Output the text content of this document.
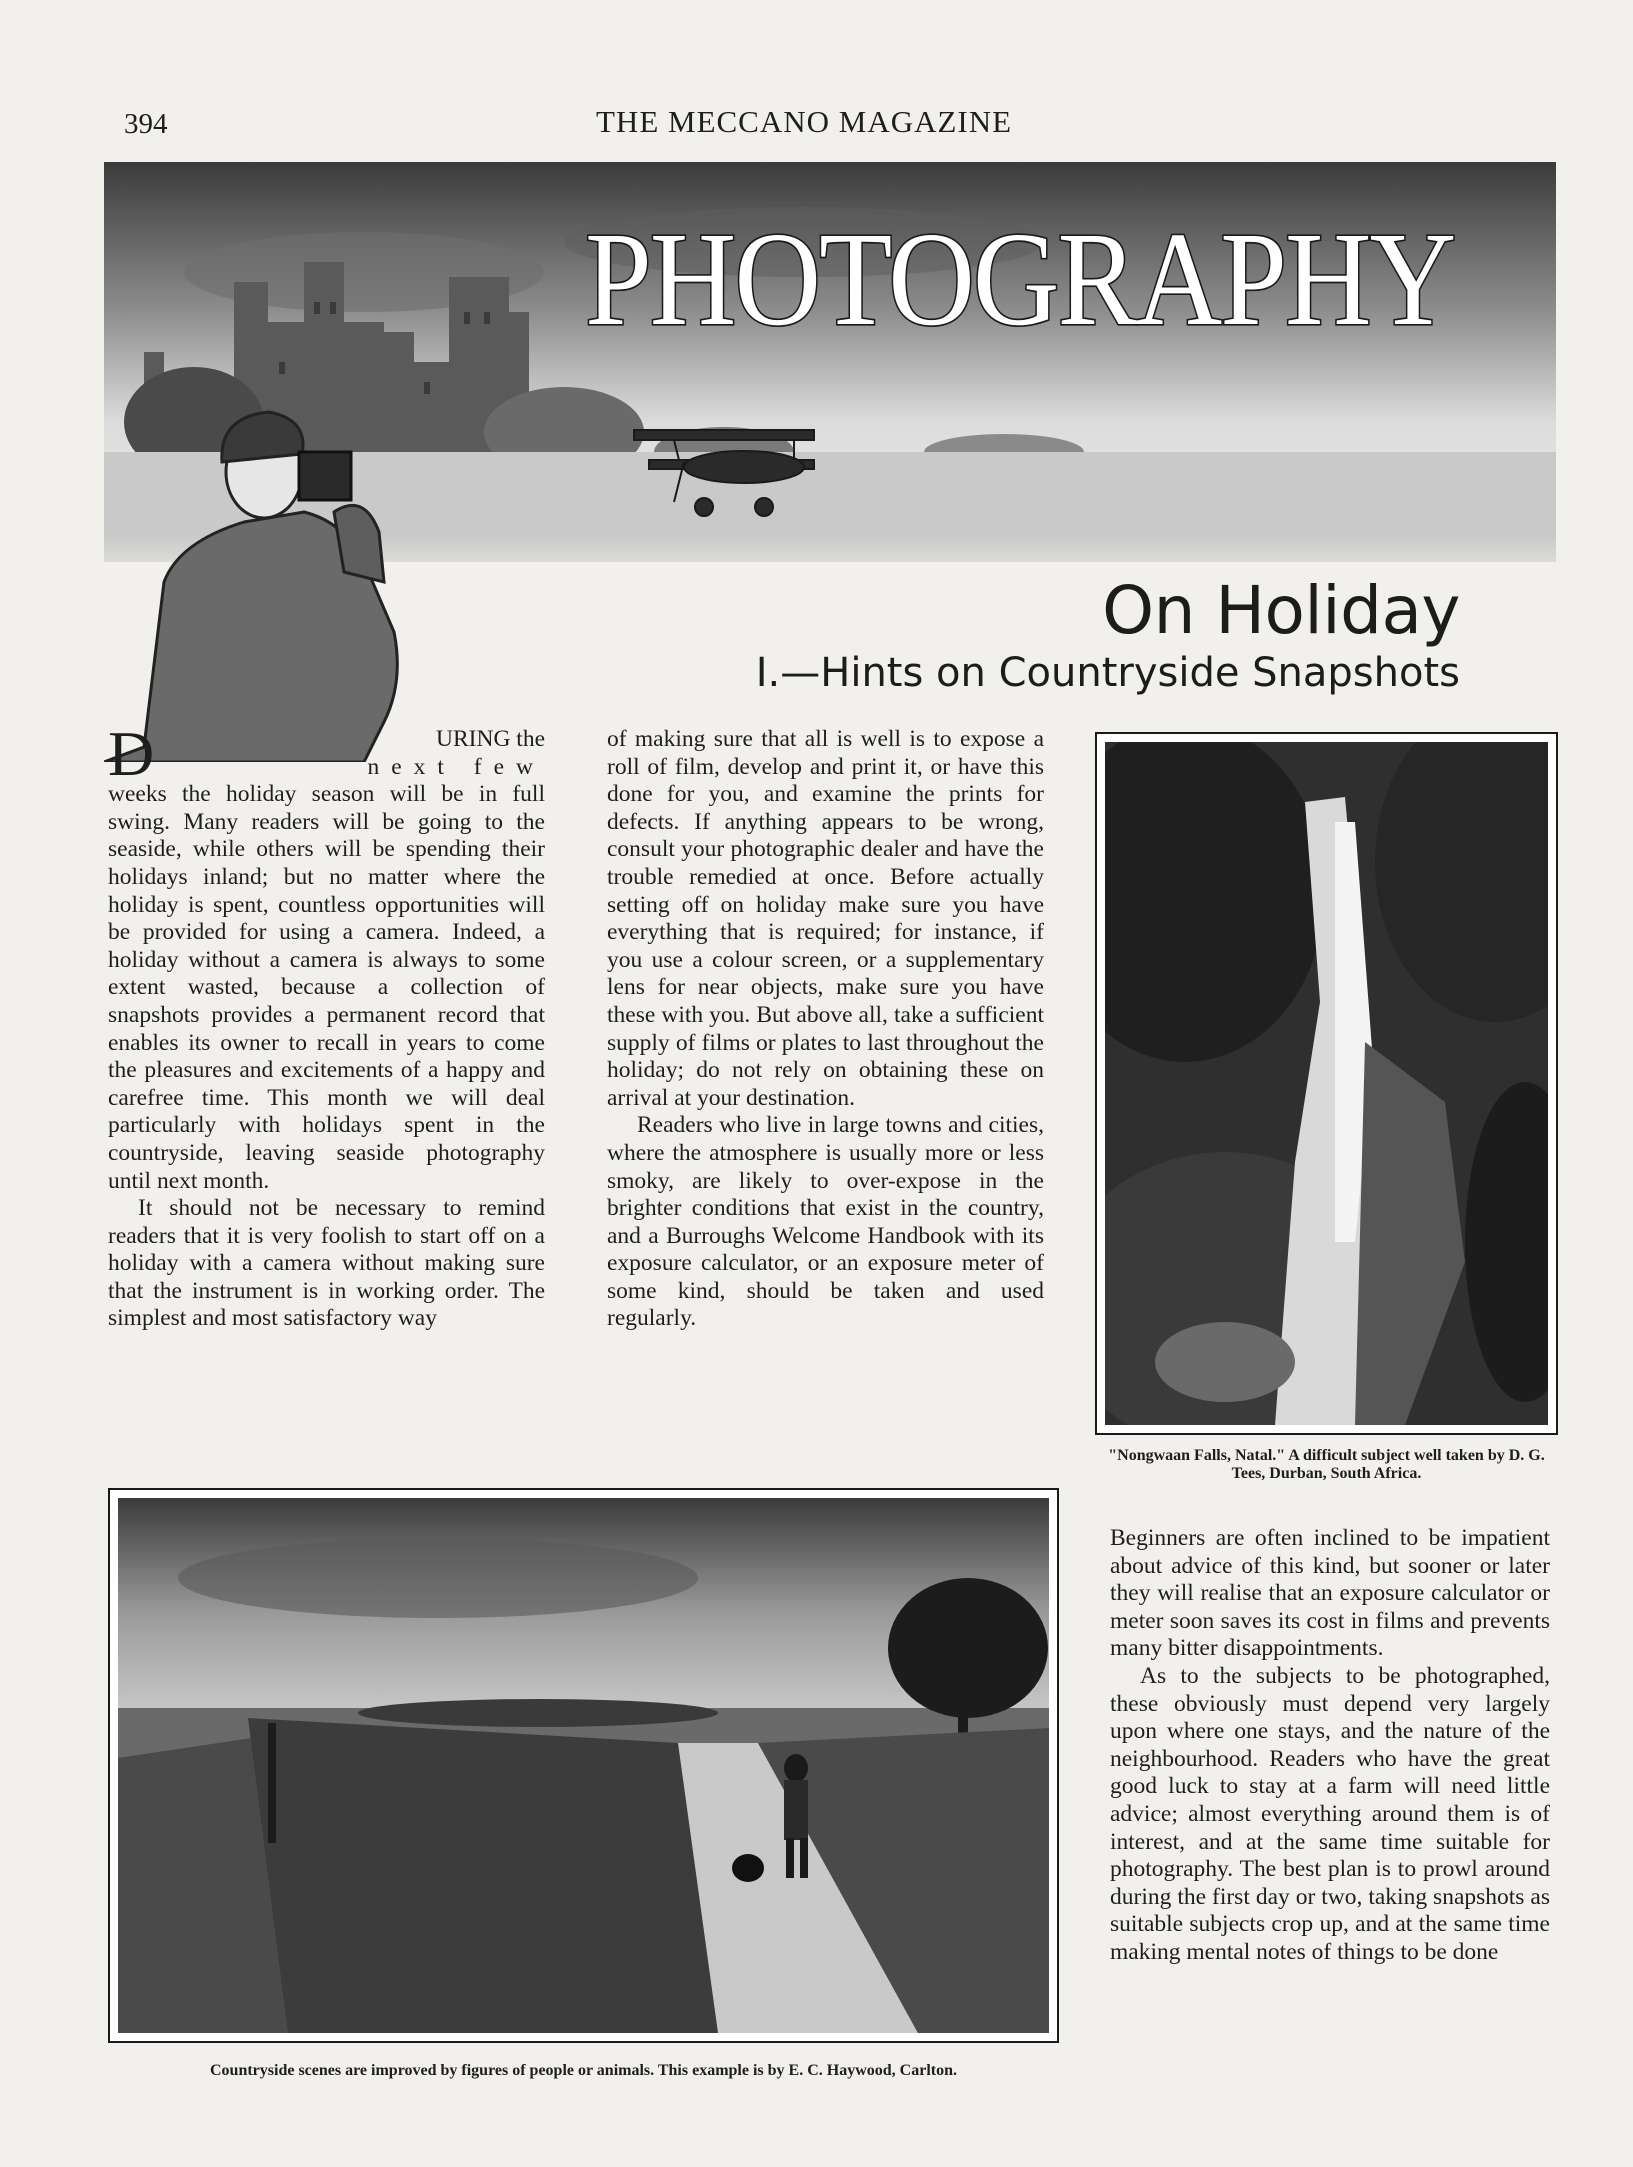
394	THE MECCANO MAGAZINE
PHOTOGRAPHY
On Holiday
I.—Hints on Countryside Snapshots

D	URING the
next few
weeks the holiday season will be in full swing. Many readers will be going to the seaside, while others will be spending their holidays inland; but no matter where the holiday is spent, countless opportunities will be provided for using a camera. Indeed, a holiday without a camera is always to some extent wasted, because a collection of snapshots provides a permanent record that enables its owner to recall in years to come the pleasures and excitements of a happy and carefree time. This month we will deal particularly with holidays spent in the countryside, leaving seaside photography until next month.

It should not be necessary to remind readers that it is very foolish to start off on a holiday with a camera without making sure that the instrument is in working order. The simplest and most satisfactory way

of making sure that all is well is to expose a roll of film, develop and print it, or have this done for you, and examine the prints for defects. If anything appears to be wrong, consult your photographic dealer and have the trouble remedied at once. Before actually setting off on holiday make sure you have everything that is required; for instance, if you use a colour screen, or a supplementary lens for near objects, make sure you have these with you. But above all, take a sufficient supply of films or plates to last throughout the holiday; do not rely on obtaining these on arrival at your destination.

Readers who live in large towns and cities, where the atmosphere is usually more or less smoky, are likely to over-expose in the brighter conditions that exist in the country, and a Burroughs Welcome Handbook with its exposure calculator, or an exposure meter of some kind, should be taken and used regularly.

"Nongwaan Falls, Natal." A difficult subject well taken by D. G. Tees, Durban, South Africa.
Countryside scenes are improved by figures of people or animals. This example is by E. C. Haywood, Carlton.

Beginners are often inclined to be impatient about advice of this kind, but sooner or later they will realise that an exposure calculator or meter soon saves its cost in films and prevents many bitter disappointments.

As to the subjects to be photographed, these obviously must depend very largely upon where one stays, and the nature of the neighbourhood. Readers who have the great good luck to stay at a farm will need little advice; almost everything around them is of interest, and at the same time suitable for photography. The best plan is to prowl around during the first day or two, taking snapshots as suitable subjects crop up, and at the same time making mental notes of things to be done
